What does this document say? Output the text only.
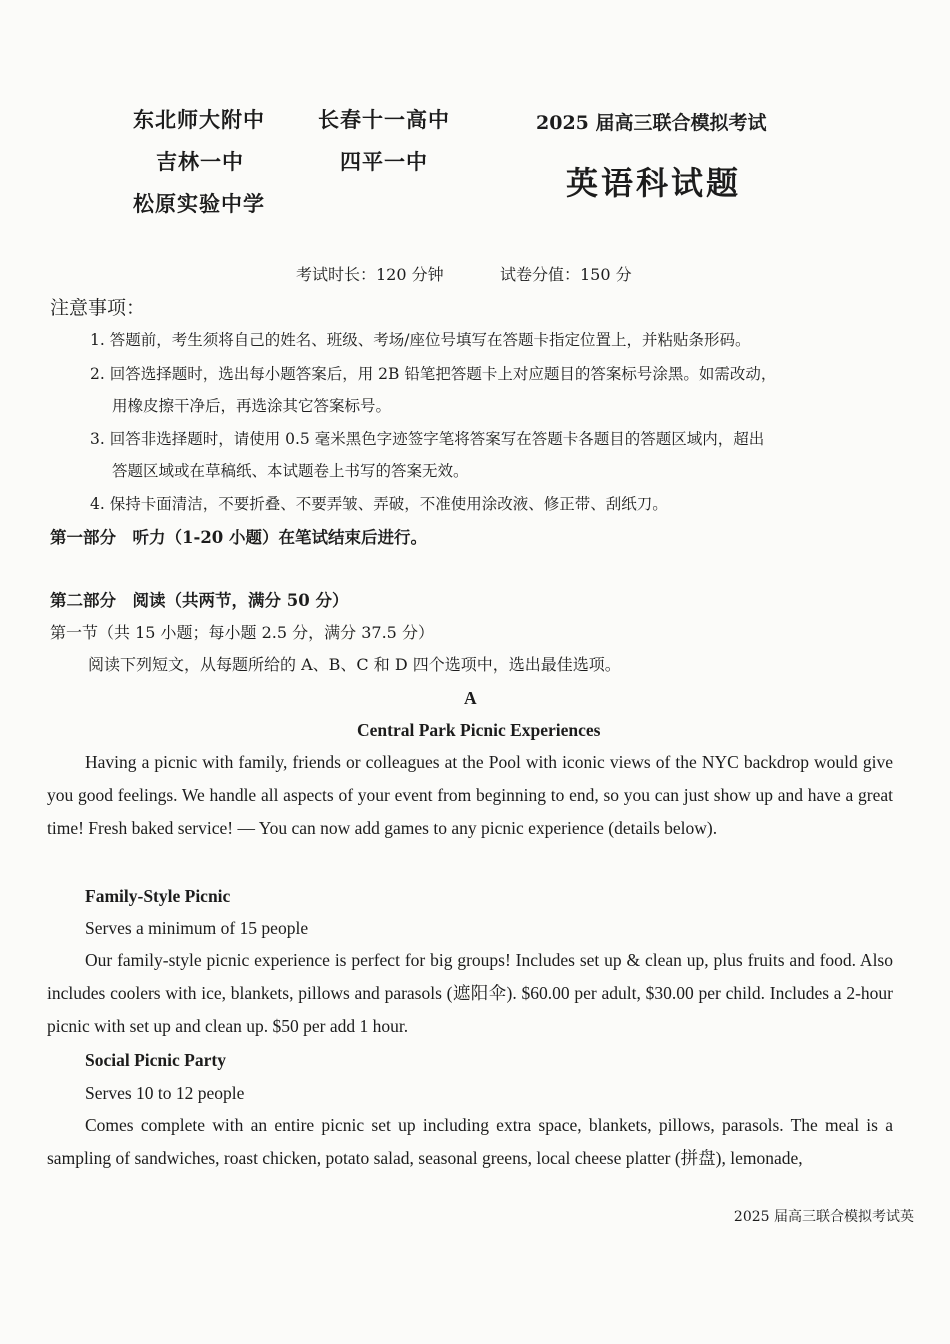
东北师大附中	长春十一高中
吉林一中	四平一中
松原实验中学
2025 届高三联合模拟考试
英语科试题
考试时长：120 分钟	试卷分值：150 分
注意事项：
1. 答题前，考生须将自己的姓名、班级、考场/座位号填写在答题卡指定位置上，并粘贴条形码。
2. 回答选择题时，选出每小题答案后，用 2B 铅笔把答题卡上对应题目的答案标号涂黑。如需改动，
用橡皮擦干净后，再选涂其它答案标号。
3. 回答非选择题时，请使用 0.5 毫米黑色字迹签字笔将答案写在答题卡各题目的答题区域内，超出
答题区域或在草稿纸、本试题卷上书写的答案无效。
4. 保持卡面清洁，不要折叠、不要弄皱、弄破，不准使用涂改液、修正带、刮纸刀。
第一部分　听力（1-20 小题）在笔试结束后进行。
第二部分　阅读（共两节，满分 50 分）
第一节（共 15 小题；每小题 2.5 分，满分 37.5 分）
阅读下列短文，从每题所给的 A、B、C 和 D 四个选项中，选出最佳选项。
A
Central Park Picnic Experiences

Having a picnic with family, friends or colleagues at the Pool with iconic views of the NYC backdrop would give you good feelings. We handle all aspects of your event from beginning to end, so you can just show up and have a great time! Fresh baked service! — You can now add games to any picnic experience (details below).

Family-Style Picnic
Serves a minimum of 15 people

Our family-style picnic experience is perfect for big groups! Includes set up & clean up, plus fruits and food. Also includes coolers with ice, blankets, pillows and parasols (遮阳伞). $60.00 per adult, $30.00 per child. Includes a 2-hour picnic with set up and clean up. $50 per add 1 hour.

Social Picnic Party
Serves 10 to 12 people

Comes complete with an entire picnic set up including extra space, blankets, pillows, parasols. The meal is a sampling of sandwiches, roast chicken, potato salad, seasonal greens, local cheese platter (拼盘), lemonade,

2025 届高三联合模拟考试英
